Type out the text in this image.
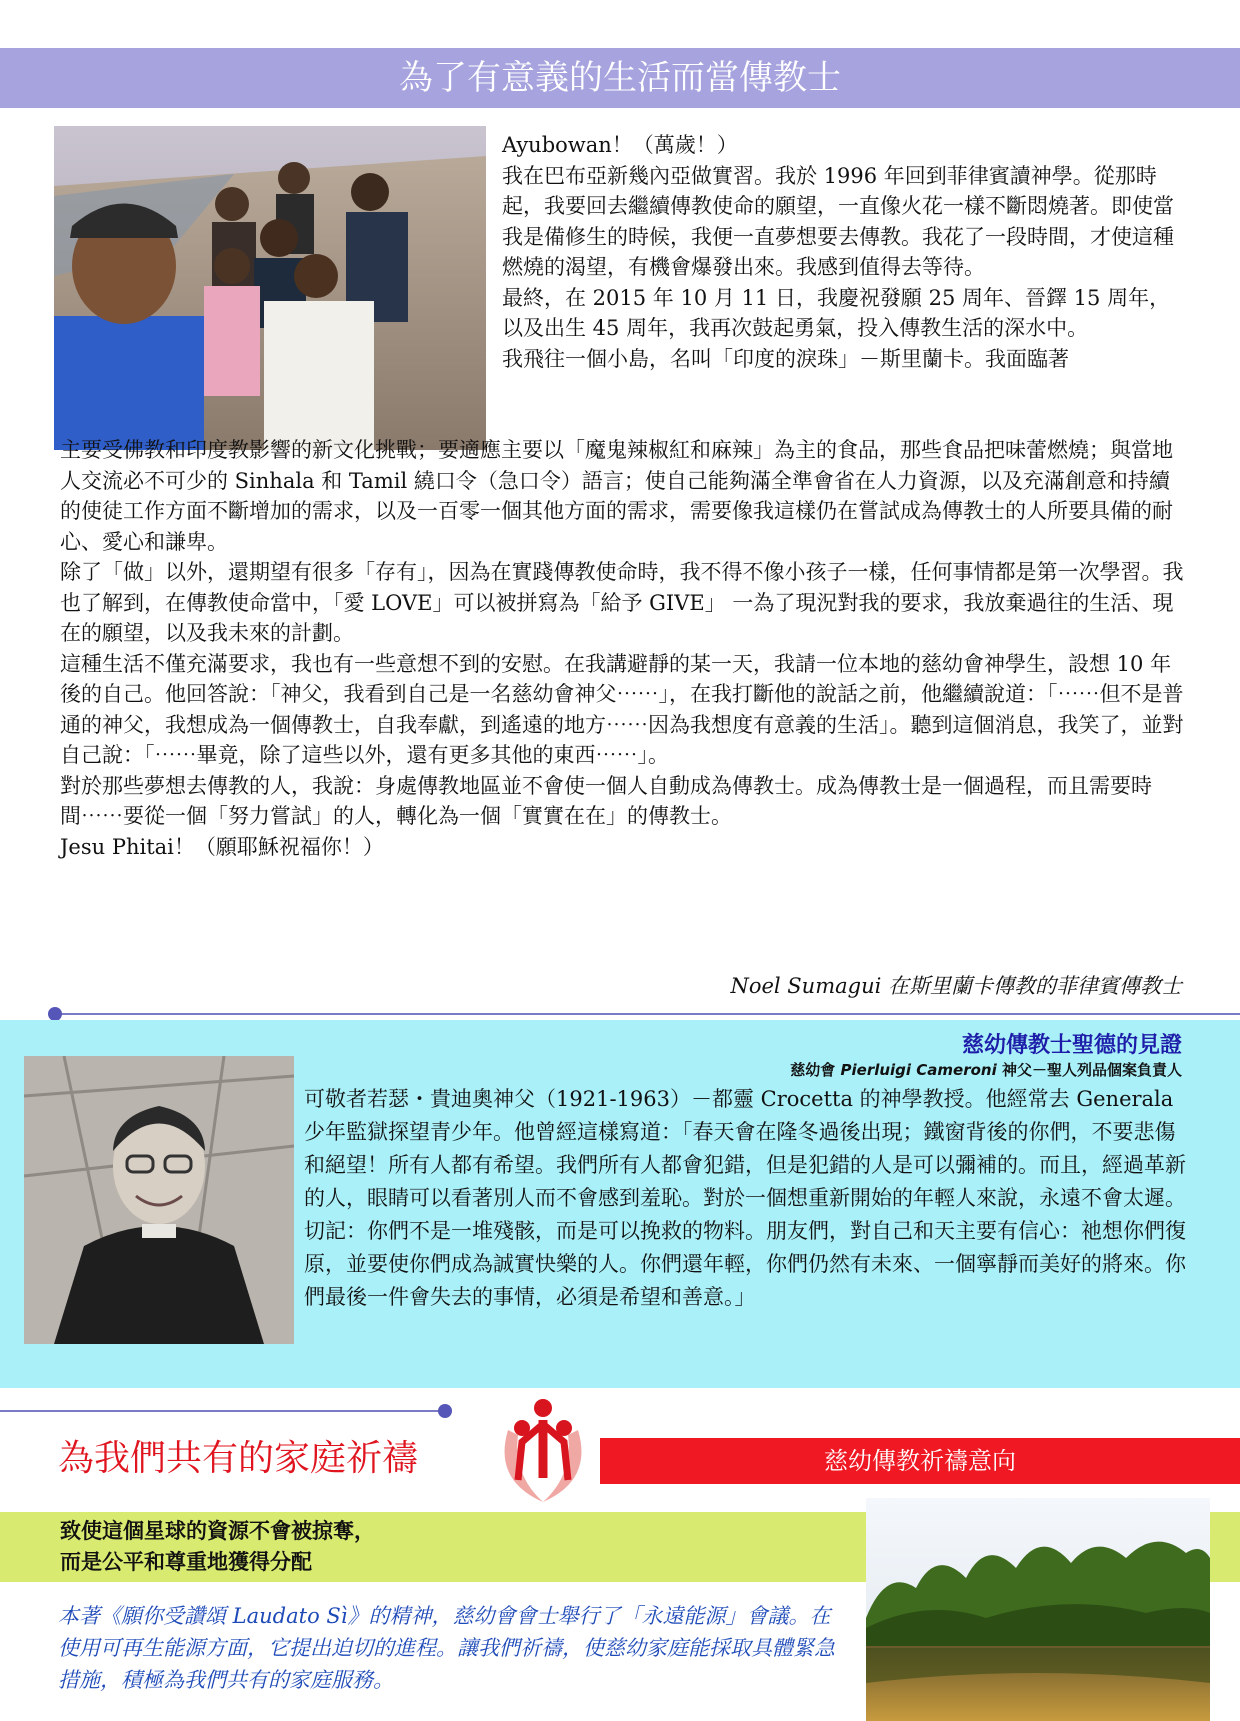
為了有意義的生活而當傳教士

Ayubowan！（萬歲！）

我在巴布亞新幾內亞做實習。我於 1996 年回到菲律賓讀神學。從那時起，我要回去繼續傳教使命的願望，一直像火花一樣不斷悶燒著。即使當我是備修生的時候，我便一直夢想要去傳教。我花了一段時間，才使這種燃燒的渴望，有機會爆發出來。我感到值得去等待。

最終，在 2015 年 10 月 11 日，我慶祝發願 25 周年、晉鐸 15 周年，以及出生 45 周年，我再次鼓起勇氣，投入傳教生活的深水中。

我飛往一個小島，名叫「印度的淚珠」－斯里蘭卡。我面臨著

主要受佛教和印度教影響的新文化挑戰；要適應主要以「魔鬼辣椒紅和麻辣」為主的食品，那些食品把味蕾燃燒；與當地人交流必不可少的 Sinhala 和 Tamil 繞口令（急口令）語言；使自己能夠滿全準會省在人力資源，以及充滿創意和持續的使徒工作方面不斷增加的需求，以及一百零一個其他方面的需求，需要像我這樣仍在嘗試成為傳教士的人所要具備的耐心、愛心和謙卑。

除了「做」以外，還期望有很多「存有」，因為在實踐傳教使命時，我不得不像小孩子一樣，任何事情都是第一次學習。我也了解到，在傳教使命當中，「愛 LOVE」可以被拼寫為「給予 GIVE」 一為了現況對我的要求，我放棄過往的生活、現在的願望，以及我未來的計劃。

這種生活不僅充滿要求，我也有一些意想不到的安慰。在我講避靜的某一天，我請一位本地的慈幼會神學生，設想 10 年後的自己。他回答說：「神父，我看到自己是一名慈幼會神父⋯⋯」，在我打斷他的說話之前，他繼續說道：「⋯⋯但不是普通的神父，我想成為一個傳教士，自我奉獻，到遙遠的地方⋯⋯因為我想度有意義的生活」。聽到這個消息，我笑了，並對自己說：「⋯⋯畢竟，除了這些以外，還有更多其他的東西⋯⋯」。

對於那些夢想去傳教的人，我說：身處傳教地區並不會使一個人自動成為傳教士。成為傳教士是一個過程，而且需要時間⋯⋯要從一個「努力嘗試」的人，轉化為一個「實實在在」的傳教士。

Jesu Phitai！（願耶穌祝福你！）

Noel Sumagui 在斯里蘭卡傳教的菲律賓傳教士
慈幼傳教士聖德的見證
慈幼會 Pierluigi Cameroni 神父－聖人列品個案負責人
可敬者若瑟・貴迪奧神父（1921-1963）－都靈 Crocetta 的神學教授。他經常去 Generala 少年監獄探望青少年。他曾經這樣寫道：「春天會在隆冬過後出現；鐵窗背後的你們，不要悲傷和絕望！所有人都有希望。我們所有人都會犯錯，但是犯錯的人是可以彌補的。而且，經過革新的人，眼睛可以看著別人而不會感到羞恥。對於一個想重新開始的年輕人來說，永遠不會太遲。切記：你們不是一堆殘骸，而是可以挽救的物料。朋友們，對自己和天主要有信心：祂想你們復原，並要使你們成為誠實快樂的人。你們還年輕，你們仍然有未來、一個寧靜而美好的將來。你們最後一件會失去的事情，必須是希望和善意。」
為我們共有的家庭祈禱	慈幼傳教祈禱意向
致使這個星球的資源不會被掠奪，
而是公平和尊重地獲得分配
本著《願你受讚頌 Laudato Sì》的精神，慈幼會會士舉行了「永遠能源」會議。在使用可再生能源方面，它提出迫切的進程。讓我們祈禱，使慈幼家庭能採取具體緊急措施，積極為我們共有的家庭服務。
